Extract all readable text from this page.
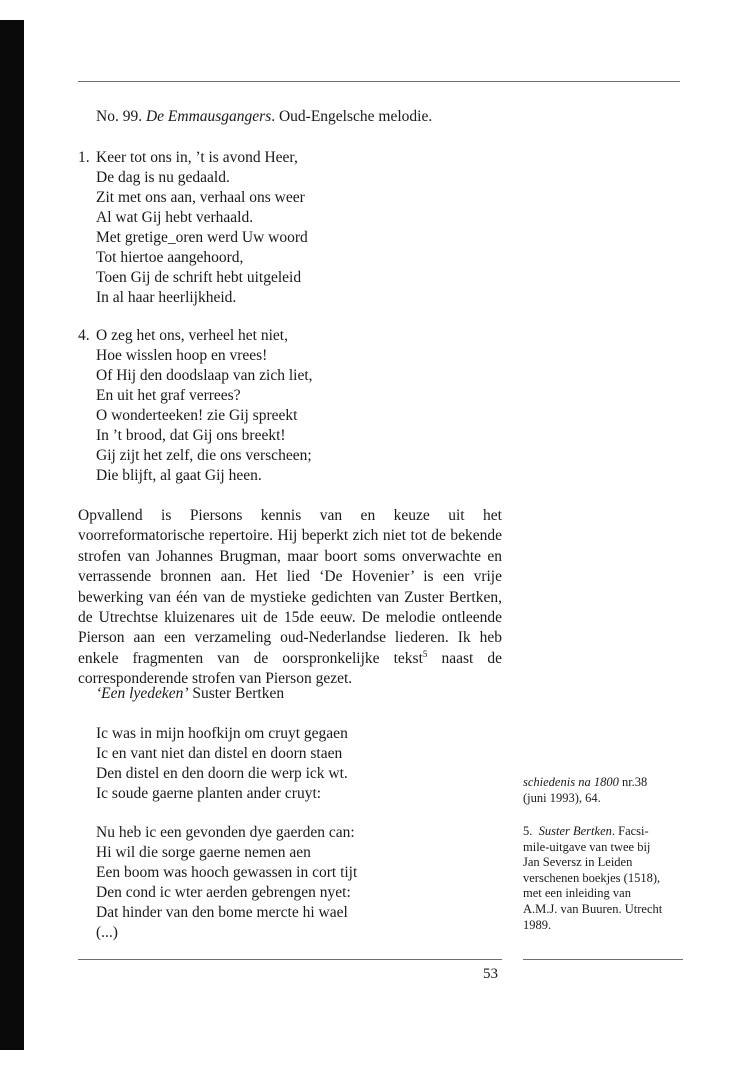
No. 99. De Emmausgangers. Oud-Engelsche melodie.
1. Keer tot ons in, ’t is avond Heer,
De dag is nu gedaald.
Zit met ons aan, verhaal ons weer
Al wat Gij hebt verhaald.
Met gretige_oren werd Uw woord
Tot hiertoe aangehoord,
Toen Gij de schrift hebt uitgeleid
In al haar heerlijkheid.
4. O zeg het ons, verheel het niet,
Hoe wisslen hoop en vrees!
Of Hij den doodslaap van zich liet,
En uit het graf verrees?
O wonderteeken! zie Gij spreekt
In ’t brood, dat Gij ons breekt!
Gij zijt het zelf, die ons verscheen;
Die blijft, al gaat Gij heen.
Opvallend is Piersons kennis van en keuze uit het voorreformatorische repertoire. Hij beperkt zich niet tot de bekende strofen van Johannes Brugman, maar boort soms onverwachte en verrassende bronnen aan. Het lied ‘De Hovenier’ is een vrije bewerking van één van de mystieke gedichten van Zuster Bertken, de Utrechtse kluizenares uit de 15de eeuw. De melodie ontleende Pierson aan een verzameling oud-Nederlandse liederen. Ik heb enkele fragmenten van de oorspronkelijke tekst$^5$ naast de corresponderende strofen van Pierson gezet.
‘Een lyedeken’ Suster Bertken
Ic was in mijn hoofkijn om cruyt gegaen
Ic en vant niet dan distel en doorn staen
Den distel en den doorn die werp ick wt.
Ic soude gaerne planten ander cruyt:
Nu heb ic een gevonden dye gaerden can:
Hi wil die sorge gaerne nemen aen
Een boom was hooch gewassen in cort tijt
Den cond ic wter aerden gebrengen nyet:
Dat hinder van den bome mercte hi wael
(...)
schiedenis na 1800 nr.38
(juni 1993), 64.
5. Suster Bertken. Facsi-
mile-uitgave van twee bij
Jan Seversz in Leiden
verschenen boekjes (1518),
met een inleiding van
A.M.J. van Buuren. Utrecht
1989.
53
